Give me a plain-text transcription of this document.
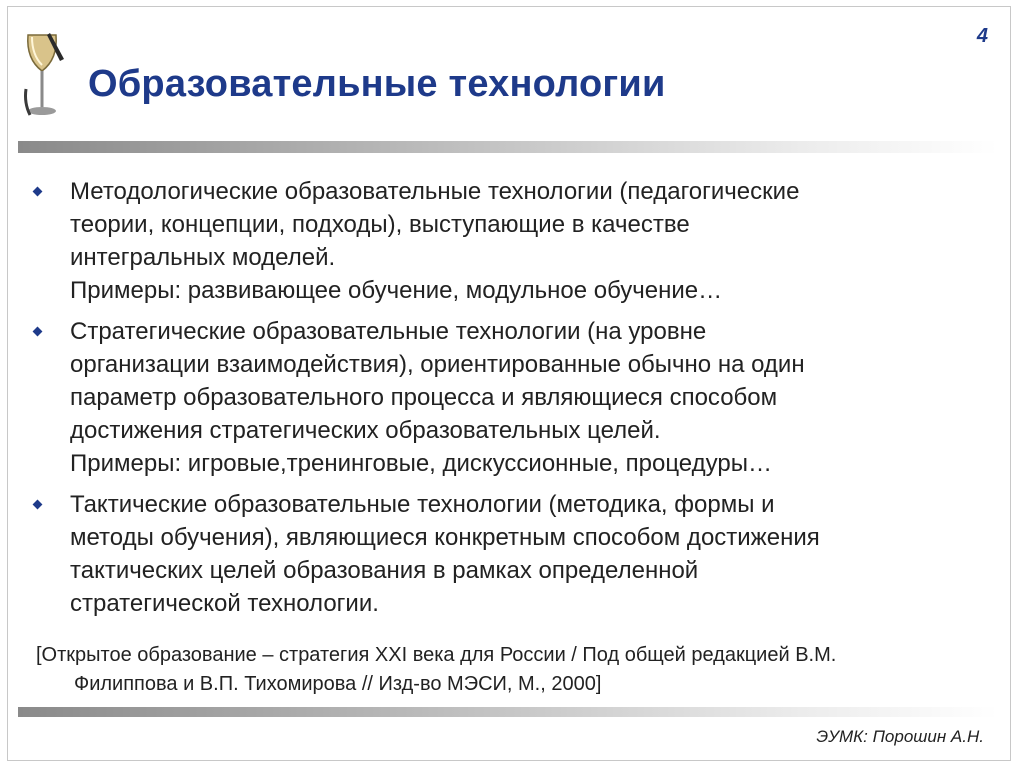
4
Образовательные технологии
Методологические образовательные технологии (педагогические
теории, концепции, подходы), выступающие в качестве
интегральных моделей.
Примеры: развивающее обучение, модульное обучение…
Стратегические образовательные технологии (на уровне
организации взаимодействия), ориентированные обычно на один
параметр образовательного процесса и являющиеся способом
достижения стратегических образовательных целей.
Примеры: игровые,тренинговые, дискуссионные, процедуры…
Тактические образовательные технологии (методика, формы и
методы обучения), являющиеся конкретным способом достижения
тактических целей образования в рамках определенной
стратегической технологии.
[Открытое образование – стратегия XXI века для России / Под общей редакцией В.М.
Филиппова и В.П. Тихомирова // Изд-во МЭСИ, М., 2000]
ЭУМК: Порошин А.Н.
